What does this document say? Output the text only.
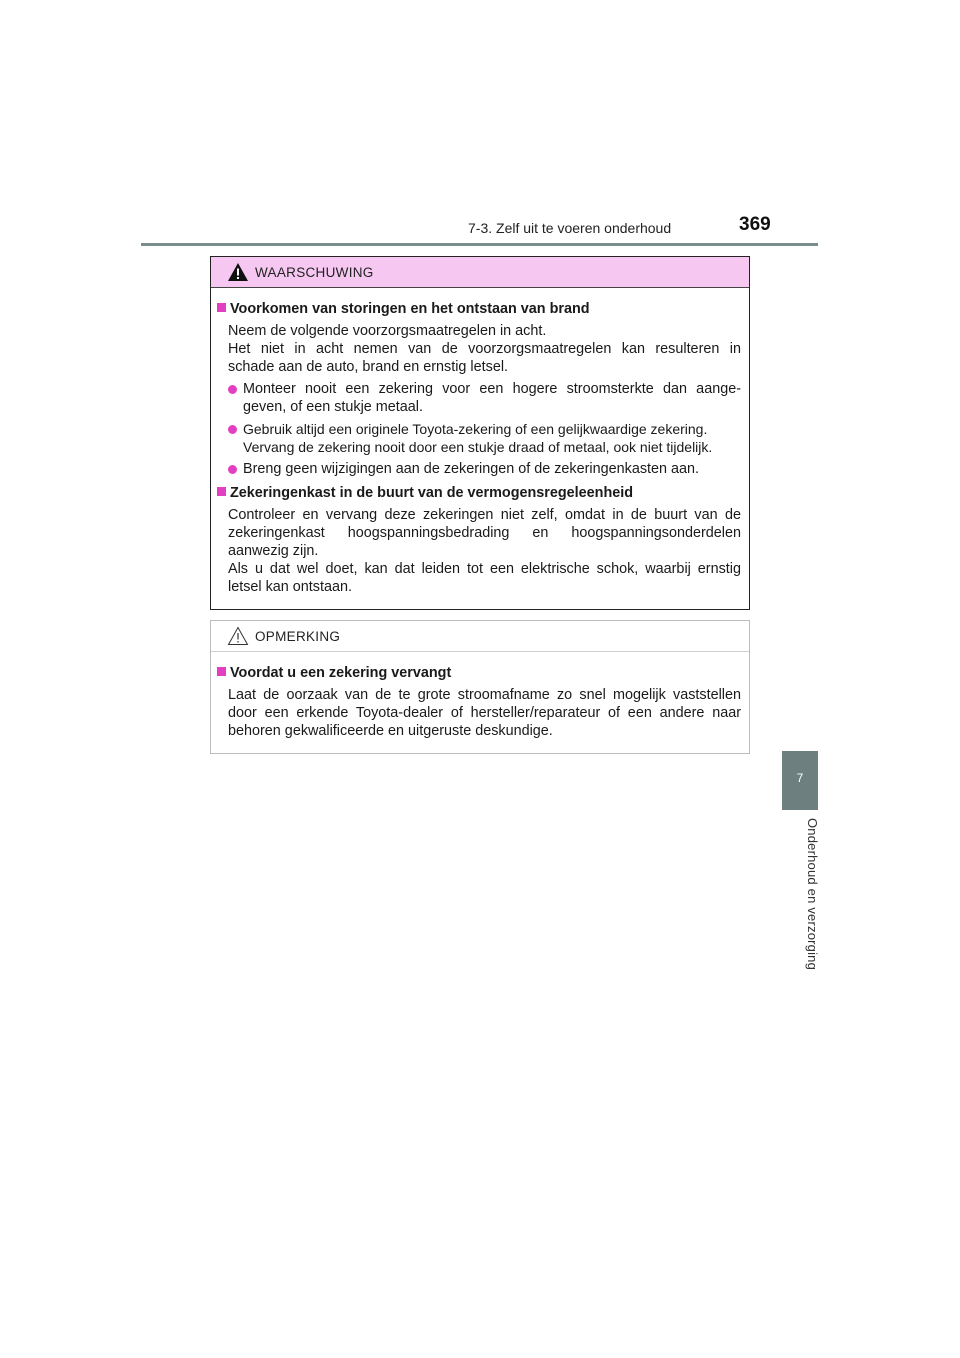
7-3. Zelf uit te voeren onderhoud	369
7
Onderhoud en verzorging
WAARSCHUWING
Voorkomen van storingen en het ontstaan van brand
Neem de volgende voorzorgsmaatregelen in acht.
Het niet in acht nemen van de voorzorgsmaatregelen kan resulteren in
schade aan de auto, brand en ernstig letsel.
Monteer nooit een zekering voor een hogere stroomsterkte dan aange-
geven, of een stukje metaal.
Gebruik altijd een originele Toyota-zekering of een gelijkwaardige zekering.
Vervang de zekering nooit door een stukje draad of metaal, ook niet tijdelijk.
Breng geen wijzigingen aan de zekeringen of de zekeringenkasten aan.
Zekeringenkast in de buurt van de vermogensregeleenheid
Controleer en vervang deze zekeringen niet zelf, omdat in de buurt van de
zekeringenkast hoogspanningsbedrading en hoogspanningsonderdelen
aanwezig zijn.
Als u dat wel doet, kan dat leiden tot een elektrische schok, waarbij ernstig
letsel kan ontstaan.
OPMERKING
Voordat u een zekering vervangt
Laat de oorzaak van de te grote stroomafname zo snel mogelijk vaststellen
door een erkende Toyota-dealer of hersteller/reparateur of een andere naar
behoren gekwalificeerde en uitgeruste deskundige.
